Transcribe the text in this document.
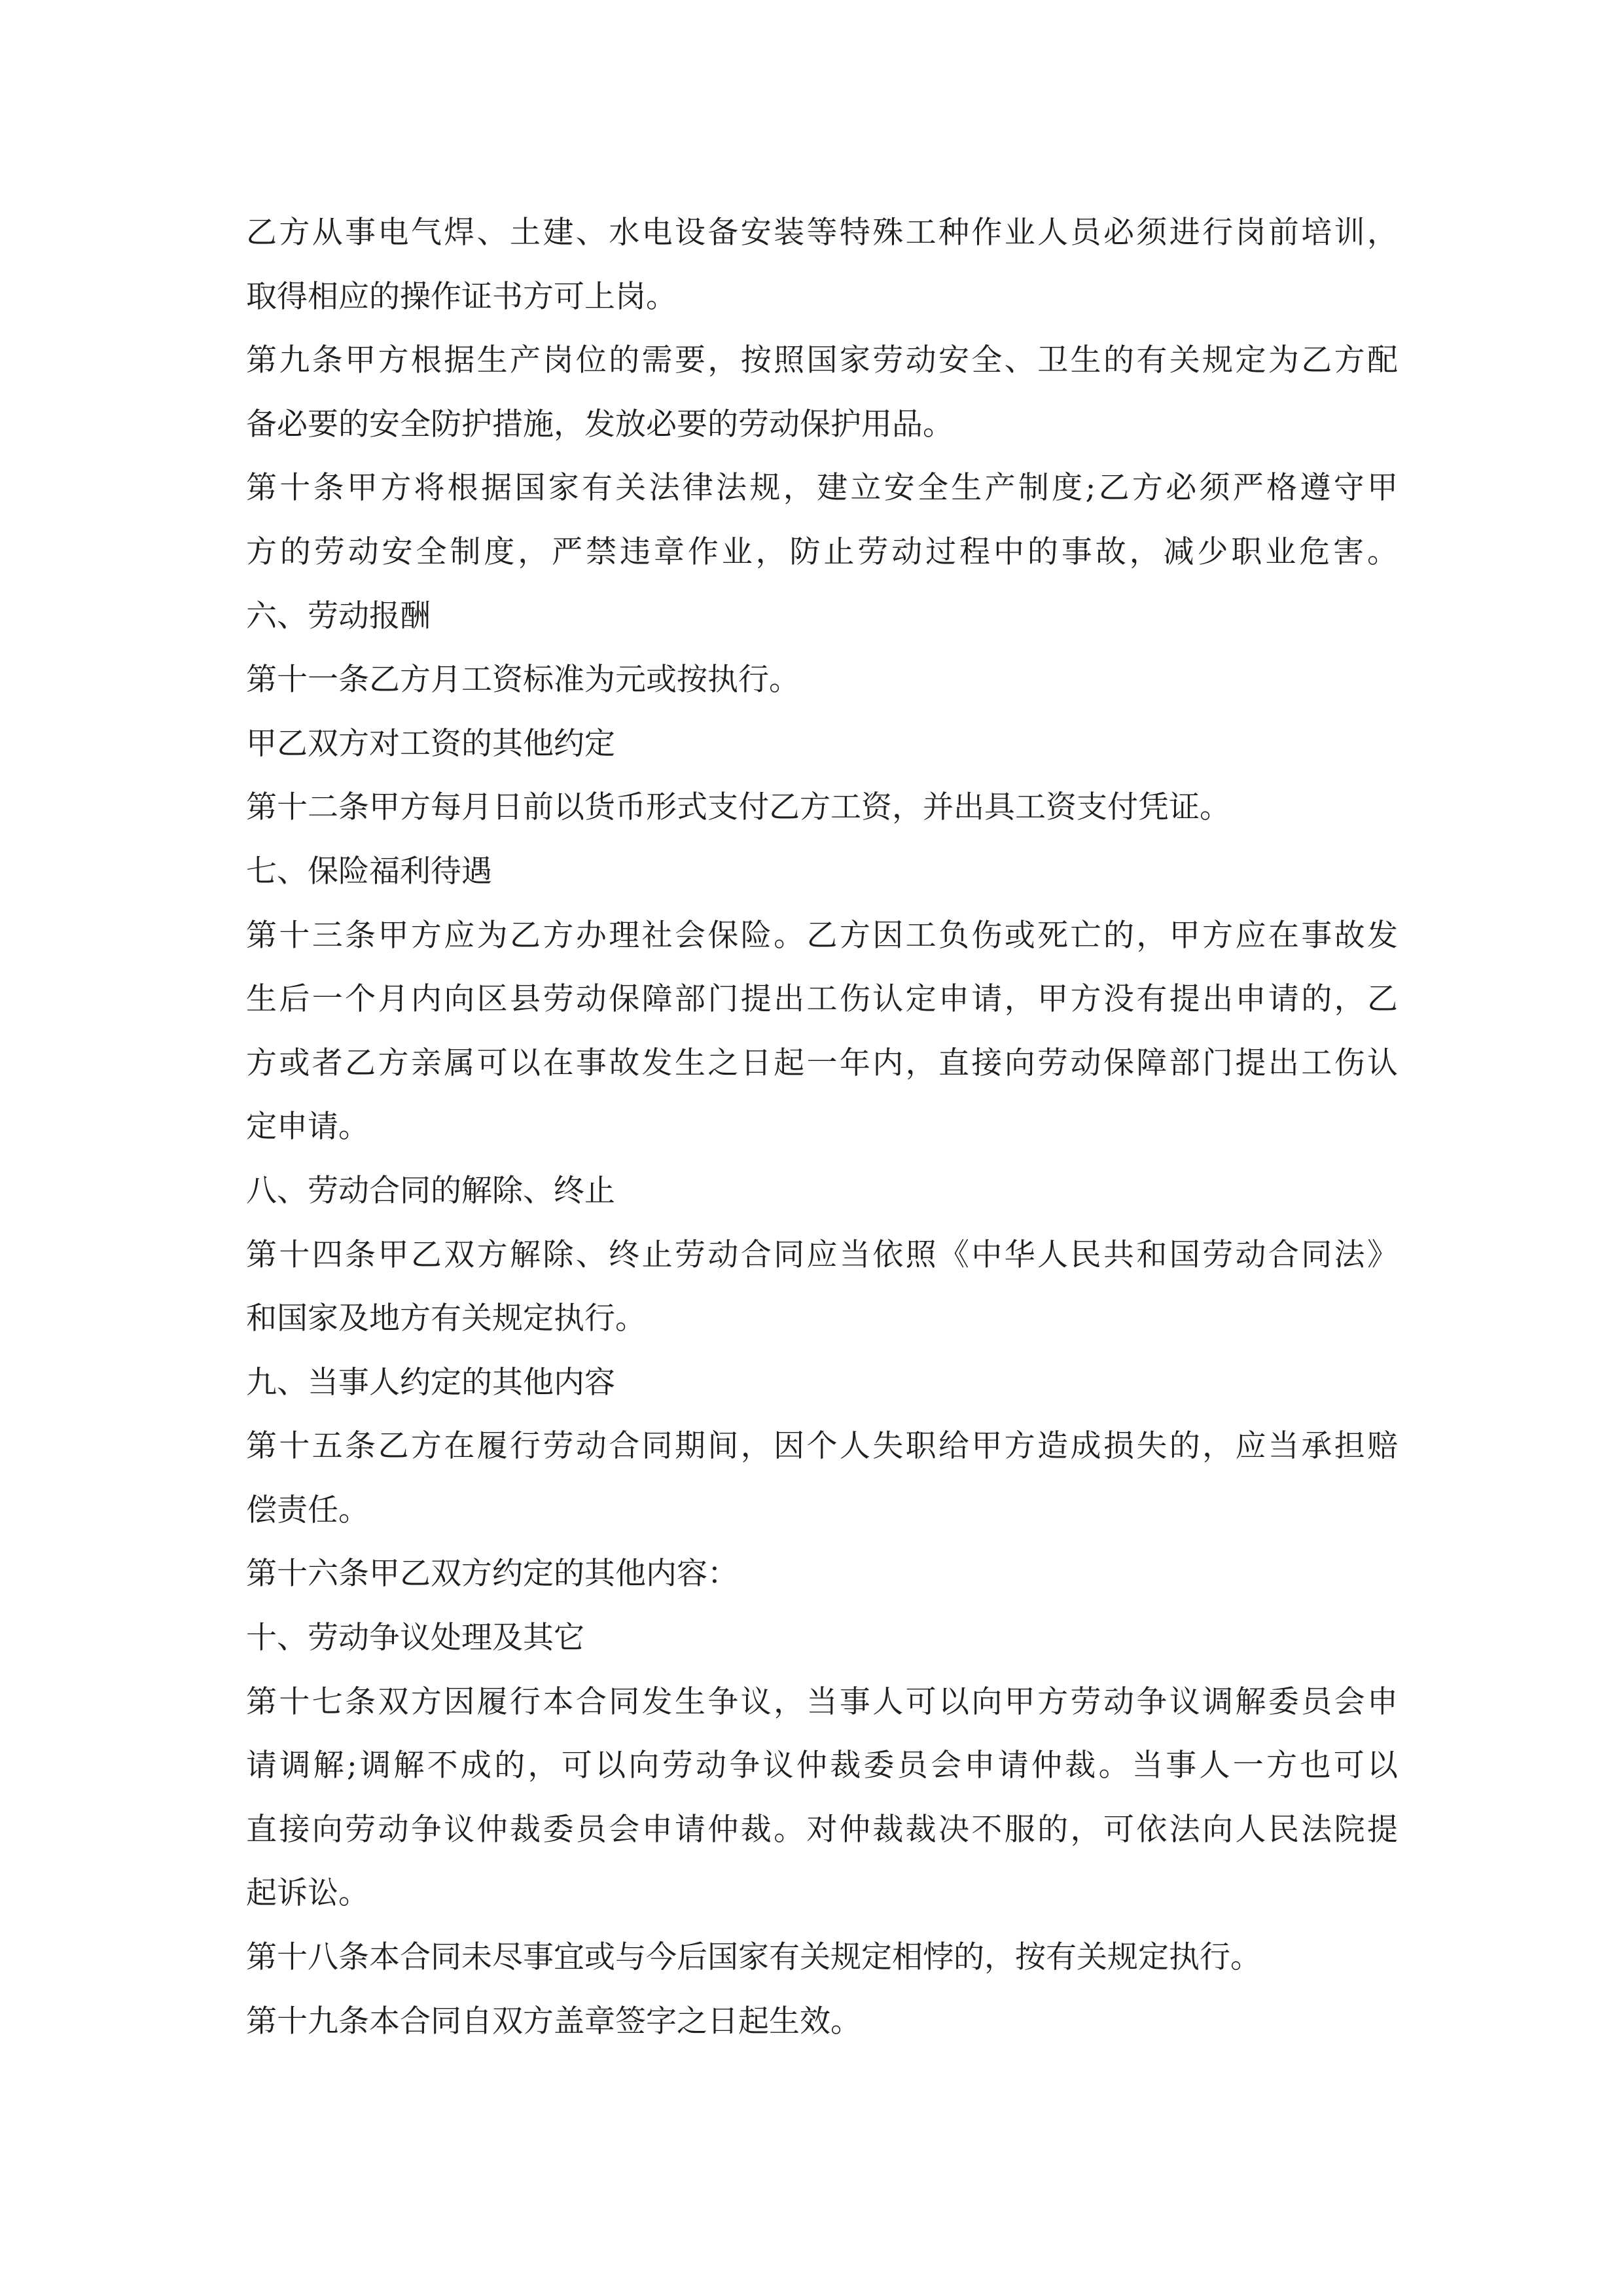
乙方从事电气焊、土建、水电设备安装等特殊工种作业人员必须进行岗前培训，
取得相应的操作证书方可上岗。
第九条甲方根据生产岗位的需要，按照国家劳动安全、卫生的有关规定为乙方配
备必要的安全防护措施，发放必要的劳动保护用品。
第十条甲方将根据国家有关法律法规，建立安全生产制度;乙方必须严格遵守甲
方的劳动安全制度，严禁违章作业，防止劳动过程中的事故，减少职业危害。
六、劳动报酬
第十一条乙方月工资标准为元或按执行。
甲乙双方对工资的其他约定
第十二条甲方每月日前以货币形式支付乙方工资，并出具工资支付凭证。
七、保险福利待遇
第十三条甲方应为乙方办理社会保险。乙方因工负伤或死亡的，甲方应在事故发
生后一个月内向区县劳动保障部门提出工伤认定申请，甲方没有提出申请的，乙
方或者乙方亲属可以在事故发生之日起一年内，直接向劳动保障部门提出工伤认
定申请。
八、劳动合同的解除、终止
第十四条甲乙双方解除、终止劳动合同应当依照《中华人民共和国劳动合同法》
和国家及地方有关规定执行。
九、当事人约定的其他内容
第十五条乙方在履行劳动合同期间，因个人失职给甲方造成损失的，应当承担赔
偿责任。
第十六条甲乙双方约定的其他内容：
十、劳动争议处理及其它
第十七条双方因履行本合同发生争议，当事人可以向甲方劳动争议调解委员会申
请调解;调解不成的，可以向劳动争议仲裁委员会申请仲裁。当事人一方也可以
直接向劳动争议仲裁委员会申请仲裁。对仲裁裁决不服的，可依法向人民法院提
起诉讼。
第十八条本合同未尽事宜或与今后国家有关规定相悖的，按有关规定执行。
第十九条本合同自双方盖章签字之日起生效。
